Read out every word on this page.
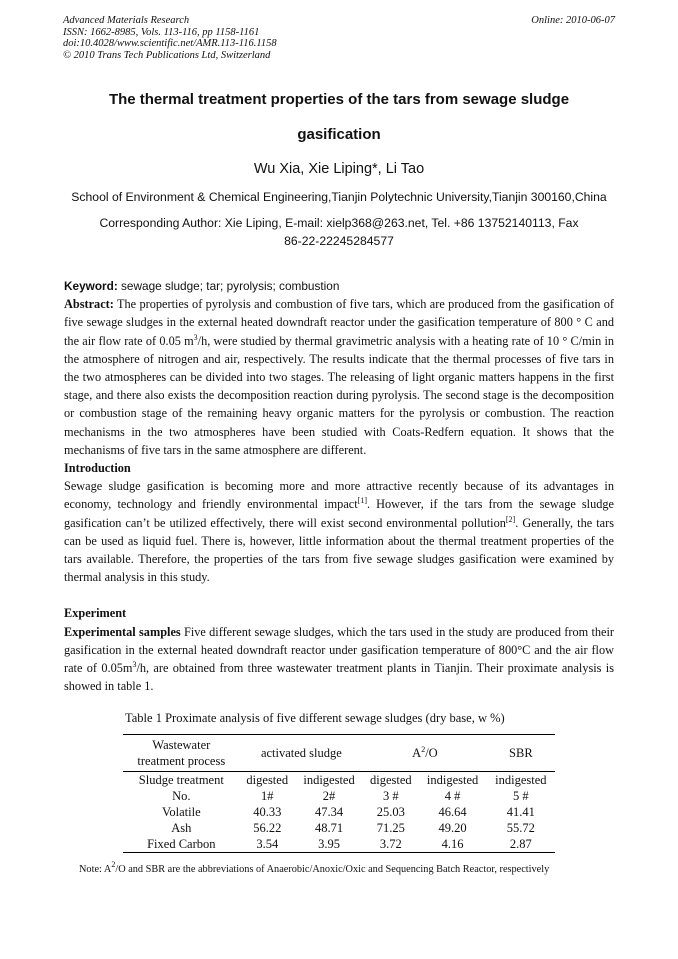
Advanced Materials Research
ISSN: 1662-8985, Vols. 113-116, pp 1158-1161
doi:10.4028/www.scientific.net/AMR.113-116.1158
© 2010 Trans Tech Publications Ltd, Switzerland
Online: 2010-06-07
The thermal treatment properties of the tars from sewage sludge
gasification
Wu Xia, Xie Liping*, Li Tao
School of Environment & Chemical Engineering,Tianjin Polytechnic University,Tianjin 300160,China
Corresponding Author: Xie Liping, E-mail: xielp368@263.net, Tel. +86 13752140113, Fax
86-22-22245284577

Keyword: sewage sludge; tar; pyrolysis; combustion

Abstract: The properties of pyrolysis and combustion of five tars, which are produced from the gasification of five sewage sludges in the external heated downdraft reactor under the gasification temperature of 800 ° C and the air flow rate of 0.05 $m^3/h$, were studied by thermal gravimetric analysis with a heating rate of 10 ° C/min in the atmosphere of nitrogen and air, respectively. The results indicate that the thermal processes of five tars in the two atmospheres can be divided into two stages. The releasing of light organic matters happens in the first stage, and there also exists the decomposition reaction during pyrolysis. The second stage is the decomposition or combustion stage of the remaining heavy organic matters for the pyrolysis or combustion. The reaction mechanisms in the two atmospheres have been studied with Coats-Redfern equation. It shows that the mechanisms of five tars in the same atmosphere are different.

Introduction

Sewage sludge gasification is becoming more and more attractive recently because of its advantages in economy, technology and friendly environmental impact[1]. However, if the tars from the sewage sludge gasification can’t be utilized effectively, there will exist second environmental pollution[2]. Generally, the tars can be used as liquid fuel. There is, however, little information about the thermal treatment properties of the tars available. Therefore, the properties of the tars from five sewage sludges gasification were examined by thermal analysis in this study.

Experiment

Experimental samples Five different sewage sludges, which the tars used in the study are produced from their gasification in the external heated downdraft reactor under gasification temperature of 800°C and the air flow rate of $0.05m^3/h$, are obtained from three wastewater treatment plants in Tianjin. Their proximate analysis is showed in table 1.

Table 1 Proximate analysis of five different sewage sludges (dry base, w %)
Wastewater
treatment process	activated sludge		$A^2/O$		SBR
Sludge treatment	digested	indigested	digested	indigested	indigested
No.	1#	2#	3 #	4 #	5 #
Volatile	40.33	47.34	25.03	46.64	41.41
Ash	56.22	48.71	71.25	49.20	55.72
Fixed Carbon	3.54	3.95	3.72	4.16	2.87
Note: $A^2/O$ and SBR are the abbreviations of Anaerobic/Anoxic/Oxic and Sequencing Batch Reactor, respectively
